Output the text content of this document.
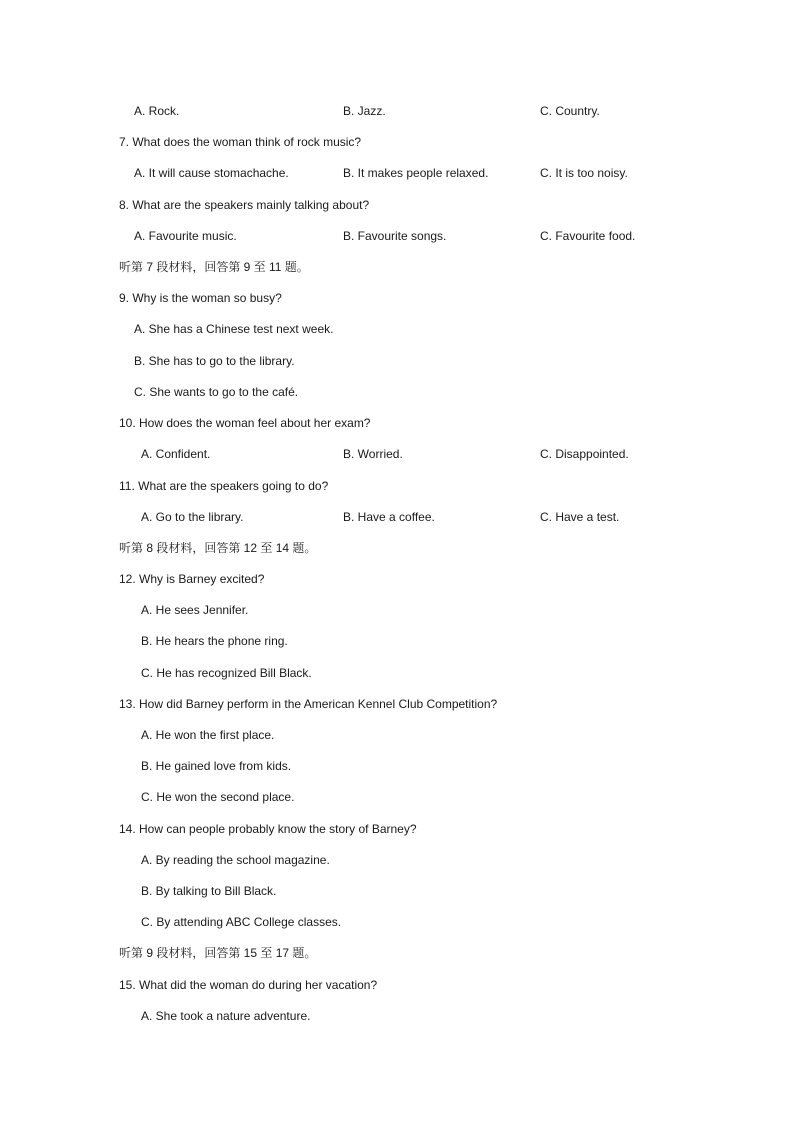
A. Rock.	B. Jazz.	C. Country.
7. What does the woman think of rock music?
A. It will cause stomachache.	B. It makes people relaxed.	C. It is too noisy.
8. What are the speakers mainly talking about?
A. Favourite music.	B. Favourite songs.	C. Favourite food.
听第 7 段材料，回答第 9 至 11 题。
9. Why is the woman so busy?
A. She has a Chinese test next week.
B. She has to go to the library.
C. She wants to go to the café.
10. How does the woman feel about her exam?
A. Confident.	B. Worried.	C. Disappointed.
11. What are the speakers going to do?
A. Go to the library.	B. Have a coffee.	C. Have a test.
听第 8 段材料，回答第 12 至 14 题。
12. Why is Barney excited?
A. He sees Jennifer.
B. He hears the phone ring.
C. He has recognized Bill Black.
13. How did Barney perform in the American Kennel Club Competition?
A. He won the first place.
B. He gained love from kids.
C. He won the second place.
14. How can people probably know the story of Barney?
A. By reading the school magazine.
B. By talking to Bill Black.
C. By attending ABC College classes.
听第 9 段材料，回答第 15 至 17 题。
15. What did the woman do during her vacation?
A. She took a nature adventure.
